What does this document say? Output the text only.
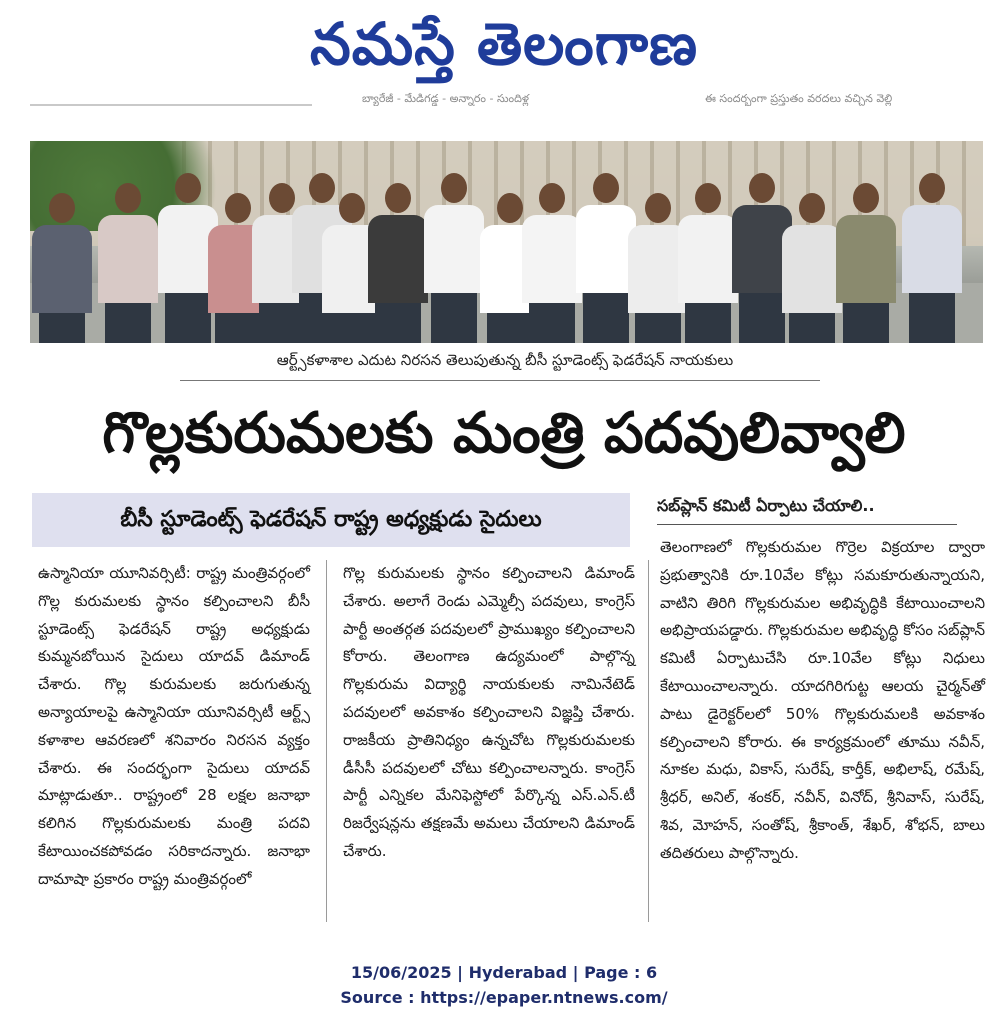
నమస్తే తెలంగాణ
బ్యారేజీ - మేడిగడ్డ - అన్నారం - సుందిళ్ల	ఈ సందర్భంగా ప్రస్తుతం వరదలు వచ్చిన వెల్లి
ఆర్ట్స్‌కళాశాల ఎదుట నిరసన తెలుపుతున్న బీసీ స్టూడెంట్స్ ఫెడరేషన్ నాయకులు
గొల్లకురుమలకు మంత్రి పదవులివ్వాలి
బీసీ స్టూడెంట్స్ ఫెడరేషన్ రాష్ట్ర అధ్యక్షుడు సైదులు
సబ్‌ప్లాన్ కమిటీ ఏర్పాటు చేయాలి..

ఉస్మానియా యూనివర్సిటీ: రాష్ట్ర మంత్రివర్గంలో గొల్ల కురుమలకు స్థానం కల్పించాలని బీసీ స్టూడెంట్స్ ఫెడరేషన్ రాష్ట్ర అధ్యక్షుడు కుమ్మనబోయిన సైదులు యాదవ్ డిమాండ్ చేశారు. గొల్ల కురుమలకు జరుగుతున్న అన్యాయాలపై ఉస్మానియా యూనివర్సిటీ ఆర్ట్స్ కళాశాల ఆవరణలో శనివారం నిరసన వ్యక్తం చేశారు. ఈ సందర్భంగా సైదులు యాదవ్ మాట్లాడుతూ.. రాష్ట్రంలో 28 లక్షల జనాభా కలిగిన గొల్లకురుమలకు మంత్రి పదవి కేటాయించకపోవడం సరికాదన్నారు. జనాభా దామాషా ప్రకారం రాష్ట్ర మంత్రివర్గంలో

గొల్ల కురుమలకు స్థానం కల్పించాలని డిమాండ్ చేశారు. అలాగే రెండు ఎమ్మెల్సీ పదవులు, కాంగ్రెస్ పార్టీ అంతర్గత పదవులలో ప్రాముఖ్యం కల్పించాలని కోరారు. తెలంగాణ ఉద్యమంలో పాల్గొన్న గొల్లకురుమ విద్యార్థి నాయకులకు నామినేటెడ్ పదవులలో అవకాశం కల్పించాలని విజ్ఞప్తి చేశారు. రాజకీయ ప్రాతినిధ్యం ఉన్నచోట గొల్లకురుమలకు డీసీసీ పదవులలో చోటు కల్పించాలన్నారు. కాంగ్రెస్ పార్టీ ఎన్నికల మేనిఫెస్టోలో పేర్కొన్న ఎస్.ఎన్.టీ రిజర్వేషన్లను తక్షణమే అమలు చేయాలని డిమాండ్ చేశారు.

తెలంగాణలో గొల్లకురుమల గొర్రెల విక్రయాల ద్వారా ప్రభుత్వానికి రూ.10వేల కోట్లు సమకూరుతున్నాయని, వాటిని తిరిగి గొల్లకురుమల అభివృద్ధికి కేటాయించాలని అభిప్రాయపడ్డారు. గొల్లకురుమల అభివృద్ధి కోసం సబ్‌ప్లాన్ కమిటీ ఏర్పాటుచేసి రూ.10వేల కోట్లు నిధులు కేటాయించాలన్నారు. యాదగిరిగుట్ట ఆలయ చైర్మన్‌తో పాటు డైరెక్టర్‌లలో 50% గొల్లకురుమలకి అవకాశం కల్పించాలని కోరారు. ఈ కార్యక్రమంలో తూము నవీన్, నూకల మధు, వికాస్, సురేష్, కార్తీక్, అభిలాష్, రమేష్, శ్రీధర్, అనిల్, శంకర్, నవీన్, వినోద్, శ్రీనివాస్, సురేష్, శివ, మోహన్, సంతోష్, శ్రీకాంత్, శేఖర్, శోభన్, బాలు తదితరులు పాల్గొన్నారు.

15/06/2025 | Hyderabad | Page : 6
Source : https://epaper.ntnews.com/
